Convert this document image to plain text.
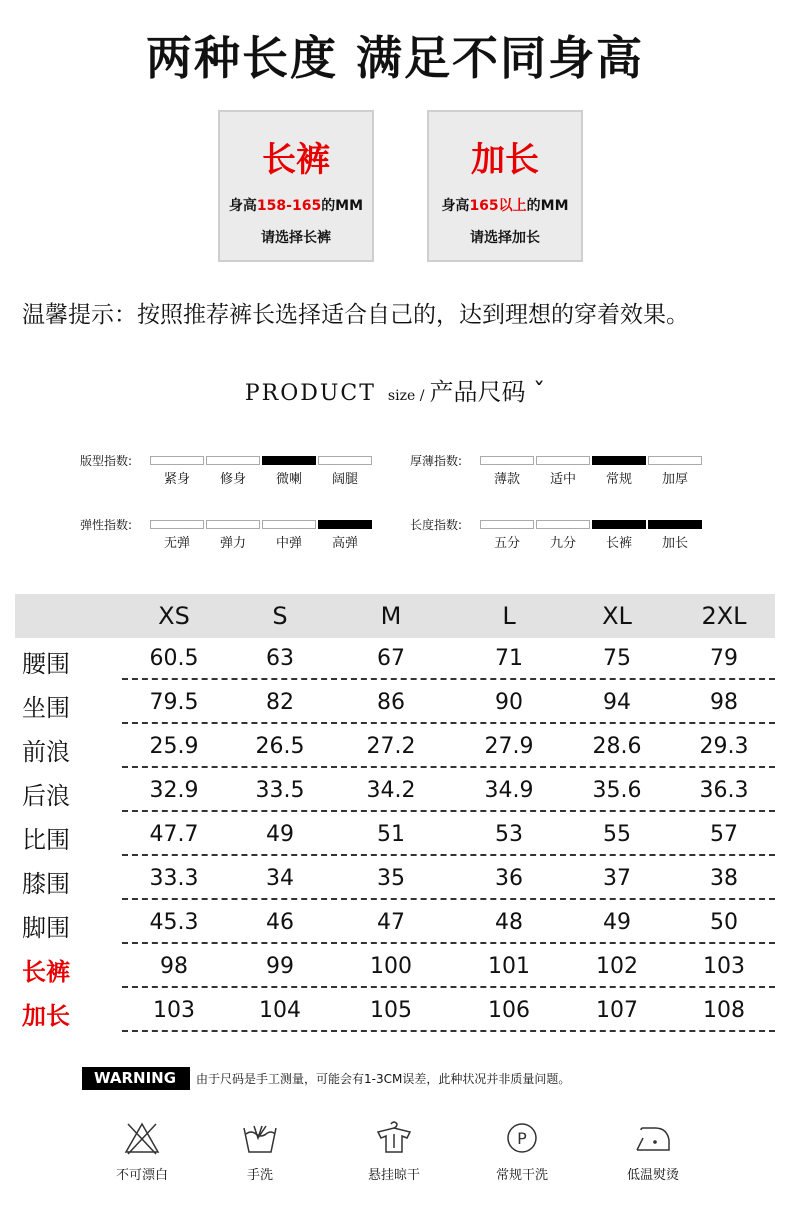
两种长度 满足不同身高
长裤
身高158-165的MM
请选择长裤
加长
身高165以上的MM
请选择加长
温馨提示：按照推荐裤长选择适合自己的，达到理想的穿着效果。
PRODUCT size / 产品尺码 ˇ
版型指数:
紧身	修身	微喇	阔腿
厚薄指数:
薄款	适中	常规	加厚
弹性指数:
无弹	弹力	中弹	高弹
长度指数:
五分	九分	长裤	加长
XS	S	M	L	XL	2XL
腰围	60.5	63	67	71	75	79
坐围	79.5	82	86	90	94	98
前浪	25.9	26.5	27.2	27.9	28.6	29.3
后浪	32.9	33.5	34.2	34.9	35.6	36.3
比围	47.7	49	51	53	55	57
膝围	33.3	34	35	36	37	38
脚围	45.3	46	47	48	49	50
长裤	98	99	100	101	102	103
加长	103	104	105	106	107	108
WARNING 由于尺码是手工测量，可能会有1-3CM误差，此种状况并非质量问题。
不可漂白	手洗	悬挂晾干
P
常规干洗	低温熨烫
